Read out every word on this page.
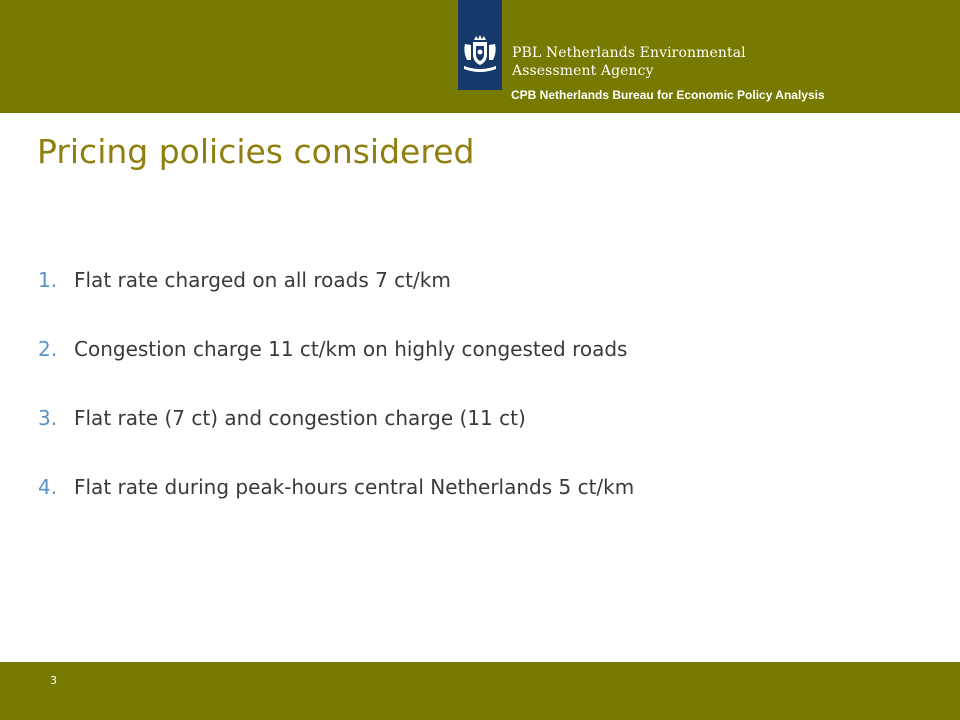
PBL Netherlands Environmental
Assessment Agency
CPB Netherlands Bureau for Economic Policy Analysis
Pricing policies considered
1. Flat rate charged on all roads 7 ct/km
2. Congestion charge 11 ct/km on highly congested roads
3. Flat rate (7 ct) and congestion charge (11 ct)
4. Flat rate during peak-hours central Netherlands 5 ct/km
3
